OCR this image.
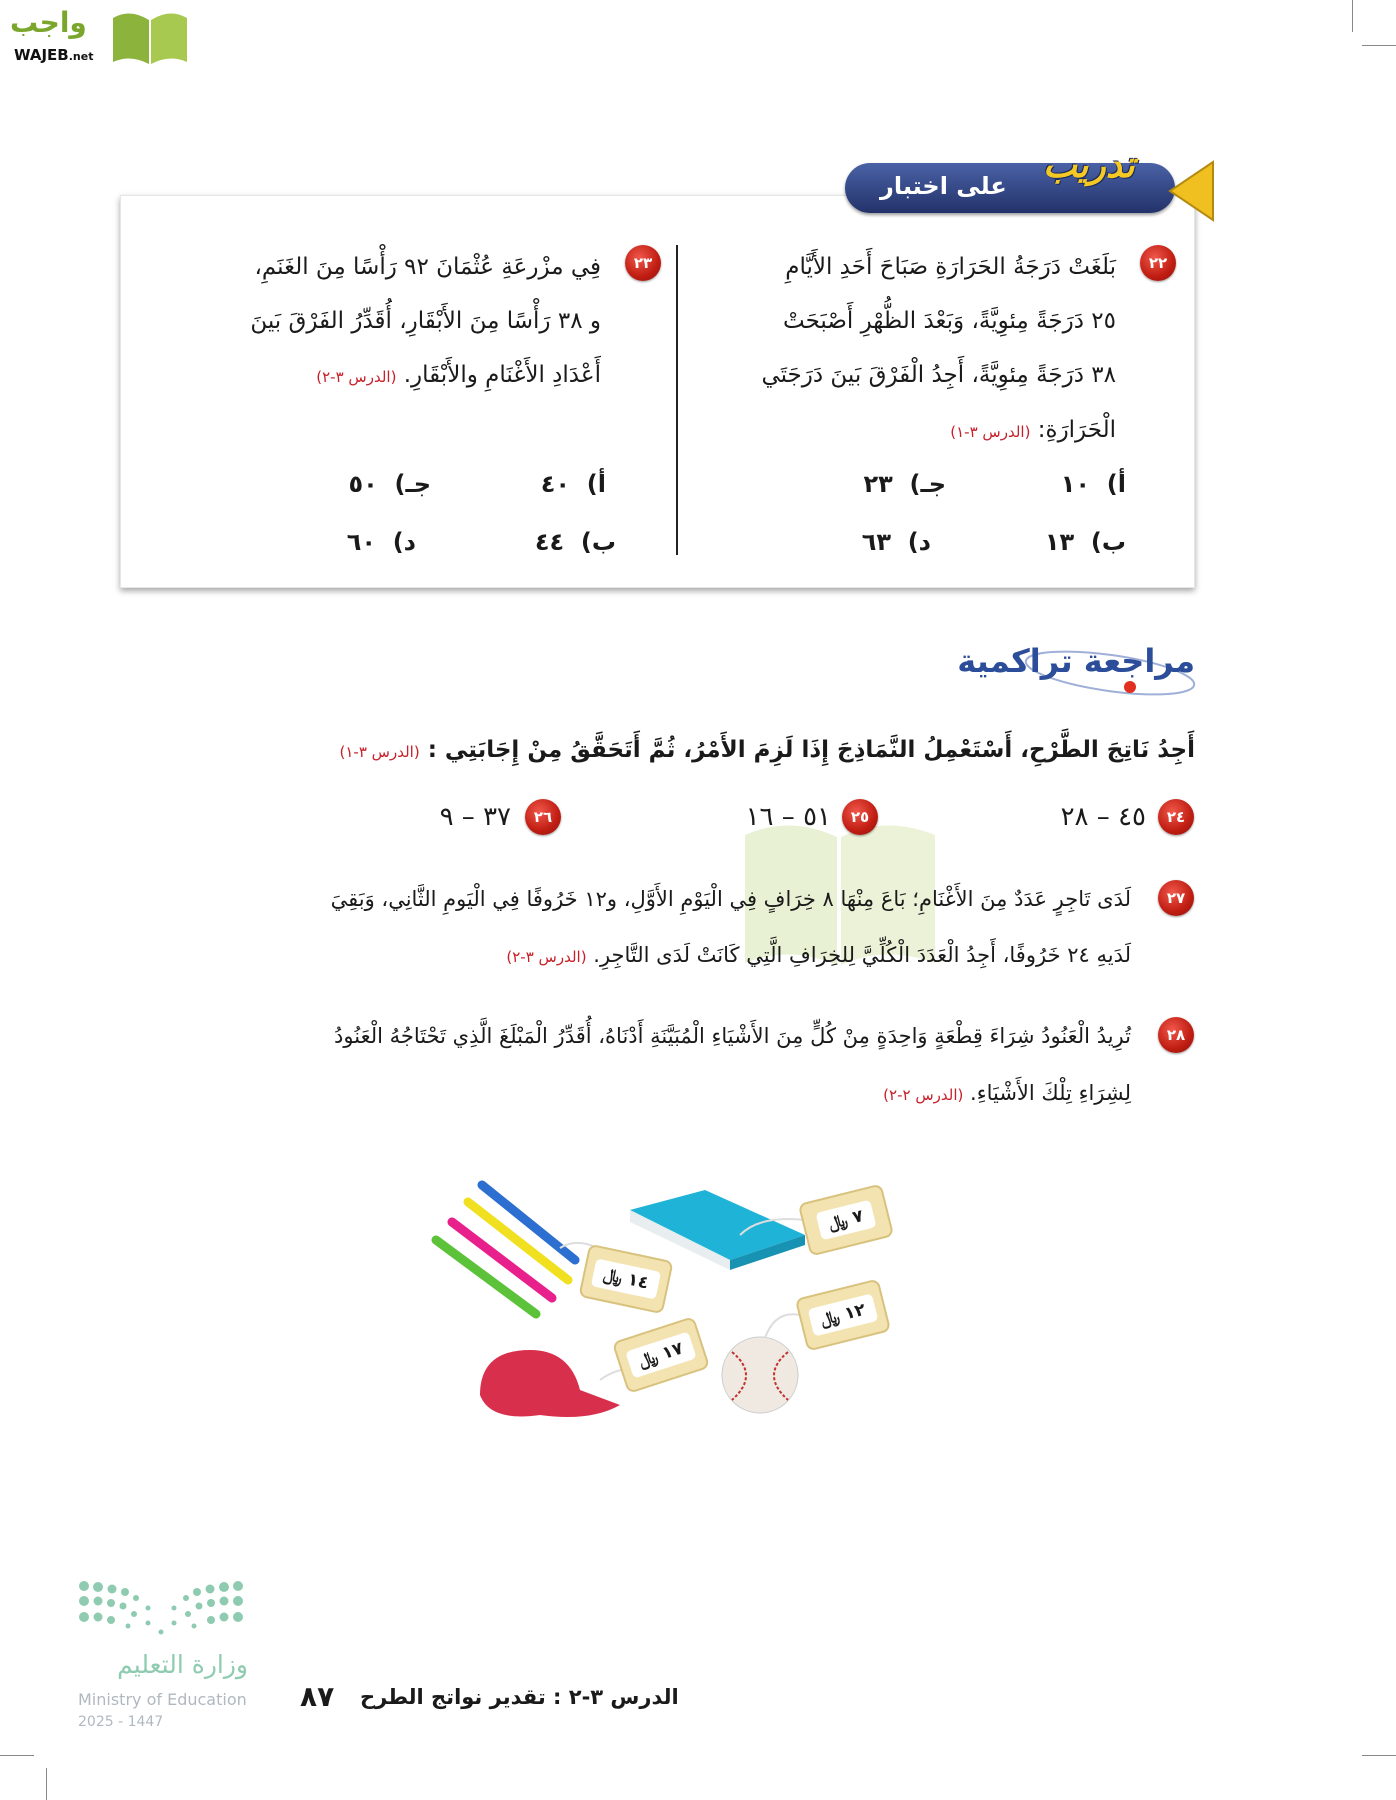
واجب
WAJEB.net
على اختبار تدريب
٢٢
بَلَغَتْ دَرَجَةُ الحَرَارَةِ صَبَاحَ أَحَدِ الأَيَّامِ
٢٥ دَرَجَةً مِئوِيَّةً، وَبَعْدَ الظُّهْرِ أَصْبَحَتْ
٣٨ دَرَجَةً مِئوِيَّةً، أَجِدُ الْفَرْقَ بَينَ دَرَجَتَي
الْحَرَارَةِ: (الدرس ٣-١)
أ)  ١٠
جـ)  ٢٣
ب)  ١٣
د)  ٦٣
٢٣
فِي مزْرعَةِ عُثْمَانَ ٩٢ رَأْسًا مِنَ الغَنَمِ،
و ٣٨ رَأْسًا مِنَ الأَبْقَارِ، أُقَدِّرُ الفَرْقَ بَينَ
أَعْدَادِ الأَغْنَامِ والأَبْقَارِ. (الدرس ٣-٢)
أ)  ٤٠
جـ)  ٥٠
ب)  ٤٤
د)  ٦٠
مراجعة تراكمية
أَجِدُ نَاتِجَ الطَّرْحِ، أَسْتَعْمِلُ النَّمَاذِجَ إِذَا لَزِمَ الأَمْرُ، ثُمَّ أَتَحَقَّقُ مِنْ إِجَابَتِي : (الدرس ٣-١)
٢٤
٤٥ – ٢٨
٢٥
٥١ – ١٦
٢٦
٣٧ – ٩
٢٧
لَدَى تَاجِرٍ عَدَدٌ مِنَ الأَغْنَامِ؛ بَاعَ مِنْهَا ٨ خِرَافٍ فِي الْيَوْمِ الأَوَّلِ، و١٢ خَرُوفًا فِي الْيَومِ الثَّانِي، وَبَقِيَ
لَدَيهِ ٢٤ خَرُوفًا، أَجِدُ الْعَدَدَ الْكُلِّيَّ لِلخِرَافِ الَّتِي كَانَتْ لَدَى التَّاجِرِ. (الدرس ٣-٢)
٢٨
تُرِيدُ الْعَنُودُ شِرَاءَ قِطْعَةٍ وَاحِدَةٍ مِنْ كُلٍّ مِنَ الأَشْيَاءِ الْمُبَيَّنَةِ أَدْنَاهُ، أُقَدِّرُ الْمَبْلَغَ الَّذِي تَحْتَاجُهُ الْعَنُودُ
لِشِرَاءِ تِلْكَ الأَشْيَاءِ. (الدرس ٢-٢)
٧ ﷼
١٤ ﷼
١٢ ﷼
١٧ ﷼
وزارة التعليم
Ministry of Education
2025 - 1447
٨٧ الدرس ٣-٢ : تقدير نواتج الطرح
